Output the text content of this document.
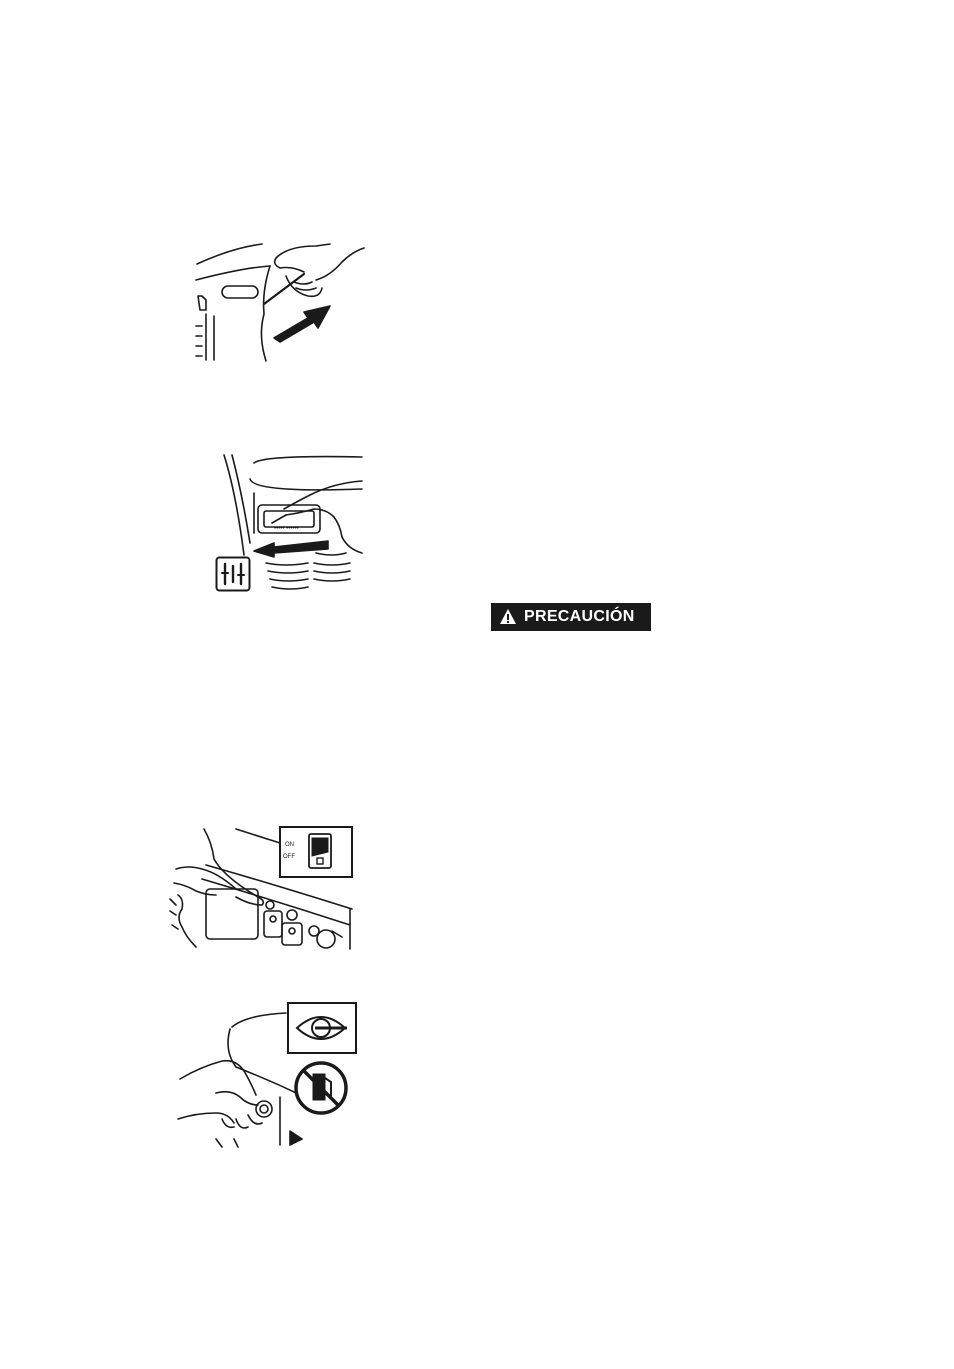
••••• ••••••
PRECAUCIÓN
ON
OFF
